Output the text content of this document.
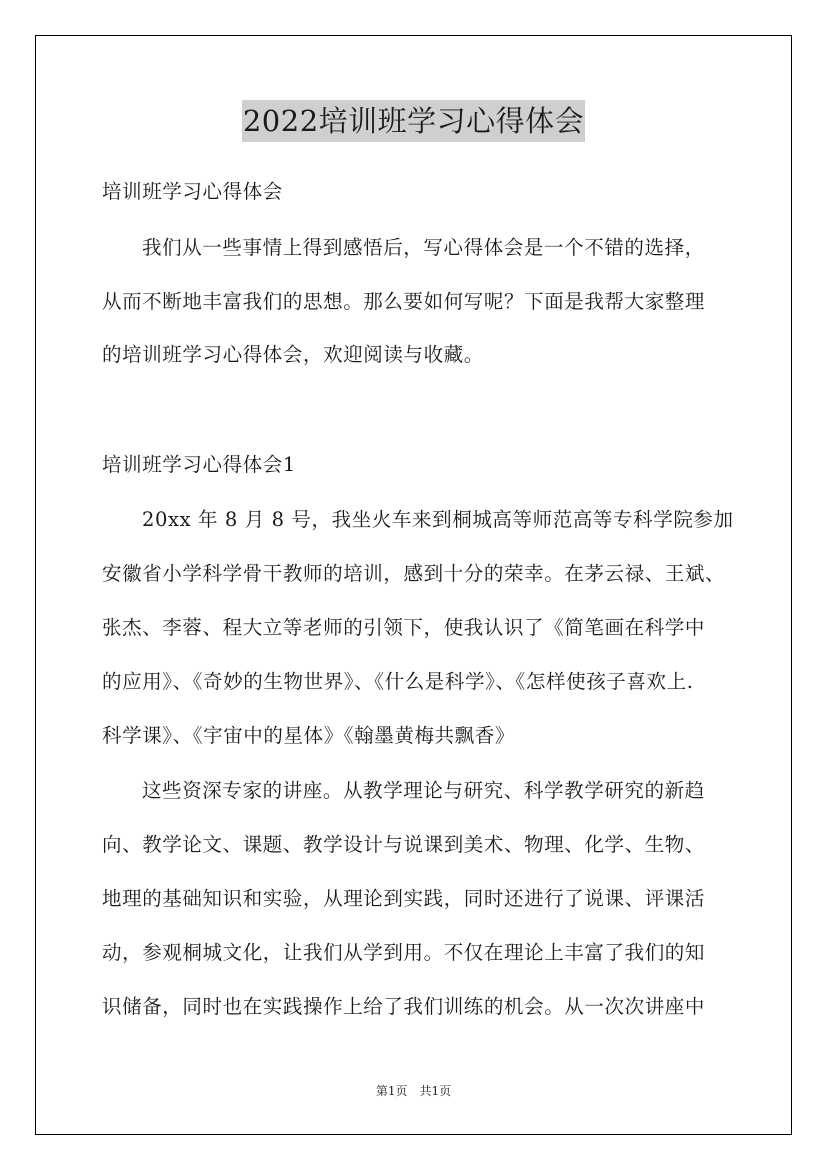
2022培训班学习心得体会

培训班学习心得体会

我们从一些事情上得到感悟后，写心得体会是一个不错的选择，

从而不断地丰富我们的思想。那么要如何写呢？下面是我帮大家整理

的培训班学习心得体会，欢迎阅读与收藏。

培训班学习心得体会1

20xx 年 8 月 8 号，我坐火车来到桐城高等师范高等专科学院参加

安徽省小学科学骨干教师的培训，感到十分的荣幸。在茅云禄、王斌、

张杰、李蓉、程大立等老师的引领下，使我认识了《简笔画在科学中

的应用》、《奇妙的生物世界》、《什么是科学》、《怎样使孩子喜欢上.

科学课》、《宇宙中的星体》《翰墨黄梅共飘香》

这些资深专家的讲座。从教学理论与研究、科学教学研究的新趋

向、教学论文、课题、教学设计与说课到美术、物理、化学、生物、

地理的基础知识和实验，从理论到实践，同时还进行了说课、评课活

动，参观桐城文化，让我们从学到用。不仅在理论上丰富了我们的知

识储备，同时也在实践操作上给了我们训练的机会。从一次次讲座中

第1页　共1页
